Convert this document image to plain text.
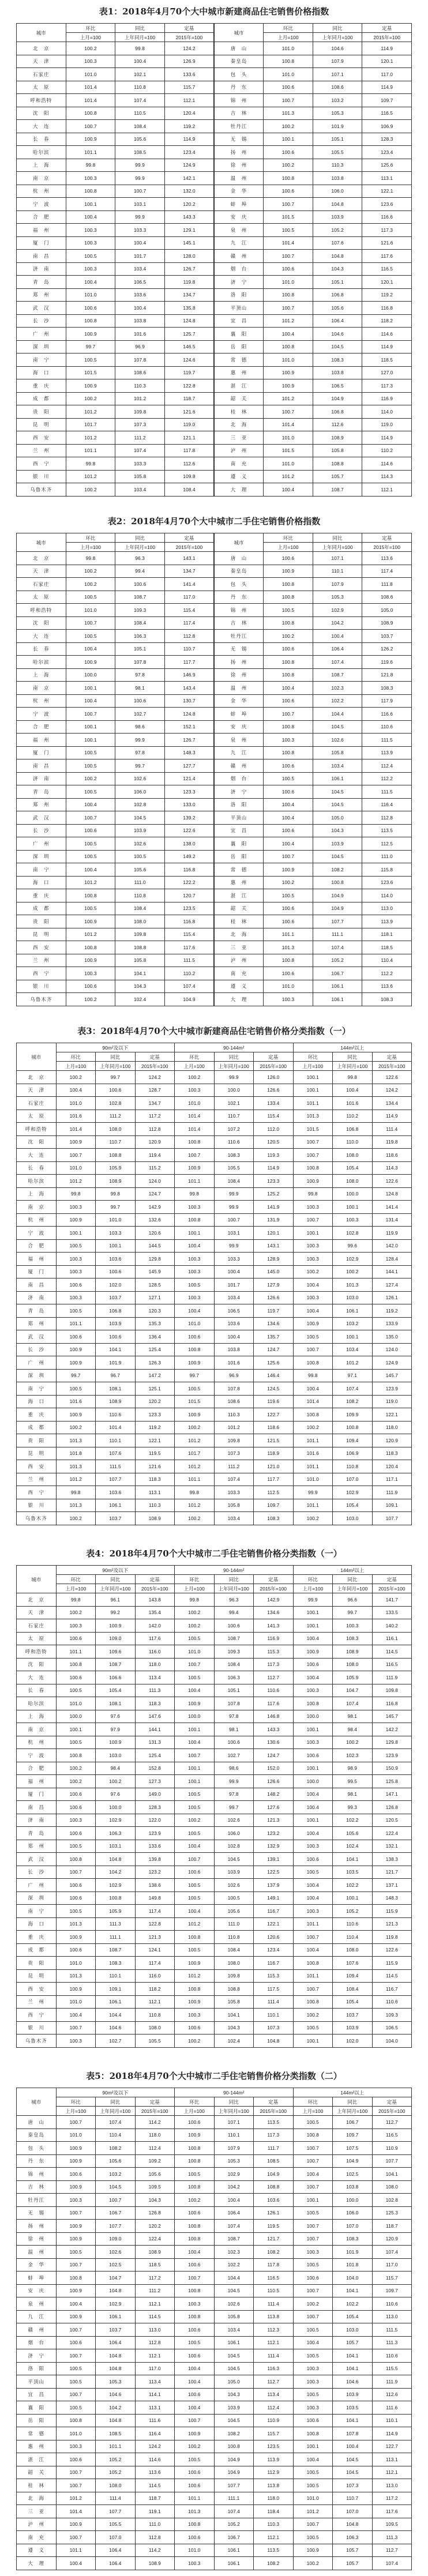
表1：2018年4月70个大中城市新建商品住宅销售价格指数
城市	环比	同比	定基	城市	环比	同比	定基
	上月=100	上年同月=100	2015年=100		上月=100	上年同月=100	2015年=100
北　京	100.2	99.8	124.2	唐　山	101.0	104.6	114.9
天　津	100.3	100.4	126.9	秦皇岛	100.8	107.9	120.1
石家庄	101.0	102.1	133.6	包　头	101.0	107.1	117.0
太　原	101.4	110.8	115.7	丹　东	100.6	108.6	114.9
呼和浩特	101.4	107.4	112.1	锦　州	100.7	103.2	109.7
沈　阳	100.8	110.5	120.4	吉　林	101.3	105.3	116.5
大　连	100.7	108.4	119.2	牡丹江	100.2	101.9	106.9
长　春	100.9	105.6	114.9	无　锡	100.1	105.1	128.3
哈尔滨	101.1	108.5	123.4	扬　州	100.6	105.5	123.4
上　海	99.8	99.9	124.9	徐　州	100.2	110.3	125.6
南　京	100.3	99.9	142.1	温　州	100.8	103.8	113.1
杭　州	100.8	100.7	132.0	金　华	100.6	106.0	122.1
宁　波	100.1	103.1	120.2	蚌　埠	100.7	104.8	123.6
合　肥	100.4	99.9	143.3	安　庆	101.5	103.9	116.6
福　州	100.3	103.3	129.1	泉　州	100.5	105.2	117.3
厦　门	100.3	100.4	145.1	九　江	101.4	107.6	121.6
南　昌	100.5	101.7	128.0	赣　州	100.7	104.8	117.6
济　南	100.3	103.4	126.7	烟　台	100.6	104.3	116.5
青　岛	100.4	106.5	119.8	济　宁	101.0	105.1	120.1
郑　州	101.0	103.6	134.7	洛　阳	100.8	106.8	119.2
武　汉	100.6	100.4	135.8	平顶山	100.7	105.6	116.8
长　沙	100.8	103.8	124.8	宜　昌	101.2	106.4	118.2
广　州	100.9	101.6	125.7	襄　阳	100.4	104.6	114.6
深　圳	99.7	96.9	146.5	岳　阳	100.8	104.5	114.9
南　宁	100.5	107.8	124.6	常　德	101.0	108.3	118.5
海　口	101.5	108.6	119.7	惠　州	100.9	103.8	127.0
重　庆	100.9	110.3	122.8	湛　江	100.9	106.5	117.3
成　都	100.2	101.2	118.7	韶　关	101.2	104.9	116.9
贵　阳	101.2	109.8	121.6	桂　林	100.7	106.8	114.0
昆　明	101.7	107.3	119.0	北　海	101.4	112.6	119.0
西　安	101.2	111.2	121.1	三　亚	101.0	108.9	114.9
兰　州	101.1	107.4	117.8	泸　州	101.5	105.8	110.2
西　宁	99.8	103.3	112.6	南　充	101.0	108.8	114.6
银　川	101.2	105.8	109.8	遵　义	101.2	105.7	114.3
乌鲁木齐	100.2	103.4	108.4	大　理	100.4	108.7	112.1
表2：2018年4月70个大中城市二手住宅销售价格指数
城市	环比	同比	定基	城市	环比	同比	定基
	上月=100	上年同月=100	2015年=100		上月=100	上年同月=100	2015年=100
北　京	99.8	96.3	143.1	唐　山	100.6	107.1	113.6
天　津	100.2	99.4	134.7	秦皇岛	100.9	110.1	117.4
石家庄	100.2	100.6	141.4	包　头	100.8	107.9	111.8
太　原	100.5	108.7	117.0	丹　东	100.8	105.3	108.6
呼和浩特	101.0	109.3	115.4	锦　州	100.5	102.9	105.0
沈　阳	100.7	108.4	117.4	吉　林	100.8	104.2	108.9
大　连	100.5	106.3	112.8	牡丹江	100.2	100.4	103.7
长　春	100.4	105.1	110.7	无　锡	100.6	106.4	126.2
哈尔滨	100.9	107.8	117.7	扬　州	100.8	107.4	119.6
上　海	100.0	97.8	146.9	徐　州	100.8	108.7	121.8
南　京	100.1	98.1	143.4	温　州	100.4	102.3	108.3
杭　州	100.4	100.6	130.7	金　华	100.6	102.2	117.9
宁　波	100.7	102.7	124.8	蚌　埠	100.7	104.4	116.6
合　肥	100.1	98.6	152.1	安　庆	100.8	104.5	110.6
福　州	100.1	99.9	126.7	泉　州	100.3	102.6	111.5
厦　门	100.5	97.8	148.3	九　江	100.8	105.8	113.9
南　昌	100.5	99.7	127.7	赣　州	100.6	103.4	112.4
济　南	100.2	102.6	121.4	烟　台	100.5	106.1	112.2
青　岛	100.5	106.0	123.3	济　宁	100.6	104.5	111.5
郑　州	100.4	102.8	133.0	洛　阳	100.4	104.5	116.4
武　汉	100.7	104.5	139.2	平顶山	100.4	105.0	112.8
长　沙	100.6	103.9	122.6	宜　昌	100.6	104.3	113.5
广　州	100.5	102.6	138.0	襄　阳	100.4	103.9	112.5
深　圳	100.5	100.5	149.2	岳　阳	100.7	104.5	111.0
南　宁	100.4	105.6	116.8	常　德	100.9	108.2	115.8
海　口	101.2	111.0	122.2	惠　州	100.2	100.8	123.6
重　庆	100.8	110.8	120.7	湛　江	100.5	104.9	114.0
成　都	100.5	108.4	123.5	韶　关	100.6	104.9	113.0
贵　阳	100.9	108.0	116.8	桂　林	100.6	107.7	113.9
昆　明	101.2	109.8	115.4	北　海	101.1	111.1	118.1
西　安	100.8	108.8	117.6	三　亚	101.3	107.4	118.5
兰　州	100.9	105.8	111.5	泸　州	100.8	105.2	110.4
西　宁	100.3	104.1	110.2	南　充	100.6	106.7	112.2
银　川	100.6	104.3	107.4	遵　义	101.0	106.1	113.6
乌鲁木齐	100.2	102.4	104.9	大　理	100.3	106.1	108.3
表3：2018年4月70个大中城市新建商品住宅销售价格分类指数（一）
城市	90m²及以下			90-144m²			144m²以上		
	环比	同比	定基	环比	同比	定基	环比	同比	定基
	上月=100	上年同月=100	2015年=100	上月=100	上年同月=100	2015年=100	上月=100	上年同月=100	2015年=100
北　京	100.2	99.7	124.2	100.2	99.9	126.0	100.1	99.8	122.6
天　津	100.4	100.6	128.7	100.3	100.0	126.6	100.1	100.4	124.2
石家庄	101.0	102.8	134.7	101.0	102.1	133.4	101.1	101.6	134.4
太　原	101.6	111.2	117.2	101.4	110.7	115.4	101.3	110.2	114.9
呼和浩特	101.4	108.0	112.8	101.4	107.2	112.0	101.5	106.8	111.4
沈　阳	100.9	110.7	120.9	100.8	110.6	120.5	100.7	110.0	119.8
大　连	100.7	108.8	119.4	100.7	108.3	119.3	100.7	108.0	118.6
长　春	101.0	105.9	115.2	100.9	105.5	114.9	100.8	105.4	114.3
哈尔滨	101.2	108.9	124.0	101.1	108.4	123.3	100.9	108.0	122.6
上　海	99.8	99.8	124.7	99.8	99.9	125.2	99.8	100.0	124.8
南　京	100.3	99.7	142.9	100.3	99.9	141.9	100.3	100.1	141.4
杭　州	100.9	101.0	132.6	100.8	100.7	131.9	100.7	100.3	131.4
宁　波	100.1	103.3	120.6	100.1	103.1	120.1	100.1	102.8	119.9
合　肥	100.5	100.1	144.5	100.4	99.9	143.1	100.3	99.6	142.0
福　州	100.3	103.6	129.8	100.3	103.3	128.9	100.3	102.9	128.4
厦　门	100.3	100.6	145.9	100.3	100.4	145.0	100.2	100.2	144.1
南　昌	100.6	102.0	128.5	100.5	101.7	127.9	100.4	101.3	127.4
济　南	100.3	103.7	127.1	100.3	103.4	126.6	100.3	103.0	126.1
青　岛	100.5	106.8	120.3	100.4	106.5	119.7	100.4	106.1	119.2
郑　州	101.1	103.9	135.3	101.0	103.6	134.6	100.9	103.2	133.9
武　汉	100.6	100.6	136.4	100.6	100.4	135.7	100.5	100.1	135.0
长　沙	100.9	104.1	125.4	100.8	103.8	124.7	100.7	103.4	124.0
广　州	100.9	101.9	126.3	100.9	101.6	125.6	100.8	101.2	124.9
深　圳	99.7	96.7	147.2	99.7	96.9	146.4	99.8	97.1	145.7
南　宁	100.5	108.1	125.1	100.5	107.8	124.5	100.4	107.4	123.9
海　口	101.6	108.9	120.2	101.5	108.6	119.6	101.4	108.2	119.0
重　庆	100.9	110.6	123.3	100.9	110.3	122.7	100.8	109.9	122.1
成　都	100.2	101.4	119.2	100.2	101.2	118.6	100.2	100.8	118.0
贵　阳	101.3	110.1	122.1	101.2	109.8	121.5	101.1	109.4	120.9
昆　明	101.8	107.6	119.5	101.7	107.3	118.9	101.6	106.9	118.3
西　安	101.3	111.5	121.6	101.2	111.2	121.0	101.1	110.8	120.4
兰　州	101.2	107.7	118.3	101.1	107.4	117.7	101.0	107.0	117.1
西　宁	99.8	103.6	113.1	99.8	103.3	112.5	99.9	102.9	111.9
银　川	101.3	106.1	110.3	101.2	105.8	109.7	101.1	105.4	109.1
乌鲁木齐	100.2	103.7	108.9	100.2	103.4	108.3	100.2	103.0	107.7
表4：2018年4月70个大中城市二手住宅销售价格分类指数（一）
城市	90m²及以下			90-144m²			144m²以上		
	环比	同比	定基	环比	同比	定基	环比	同比	定基
	上月=100	上年同月=100	2015年=100	上月=100	上年同月=100	2015年=100	上月=100	上年同月=100	2015年=100
北　京	99.8	96.1	143.8	99.8	96.3	142.9	99.9	96.6	141.7
天　津	100.2	99.2	135.4	100.2	99.4	134.6	100.1	99.7	133.5
石家庄	100.3	100.9	142.0	100.2	100.6	141.3	100.1	100.3	140.2
太　原	100.6	109.0	117.6	100.5	108.7	116.9	100.4	108.3	116.1
呼和浩特	101.1	109.6	116.0	101.0	109.3	115.3	100.9	108.9	114.5
沈　阳	100.8	108.7	118.0	100.7	108.4	117.3	100.6	108.0	116.5
大　连	100.6	106.6	113.4	100.5	106.3	112.7	100.4	105.9	111.9
长　春	100.5	105.4	111.3	100.4	105.1	110.6	100.3	104.7	109.8
哈尔滨	101.0	108.1	118.3	100.9	107.8	117.6	100.8	107.4	116.8
上　海	100.0	97.6	147.6	100.0	97.8	146.8	100.0	98.1	145.7
南　京	100.1	97.9	144.1	100.1	98.1	143.3	100.1	98.4	142.2
杭　州	100.5	100.9	131.3	100.4	100.6	130.6	100.3	100.2	129.8
宁　波	100.8	103.0	125.4	100.7	102.7	124.7	100.6	102.3	123.9
合　肥	100.2	98.4	152.8	100.1	98.6	152.0	100.1	98.9	150.9
福　州	100.2	100.2	127.3	100.1	99.9	126.6	100.0	99.5	125.8
厦　门	100.6	97.6	149.0	100.5	97.8	148.2	100.4	98.1	147.1
南　昌	100.6	100.0	128.3	100.5	99.7	127.6	100.4	99.3	126.8
济　南	100.3	102.9	122.0	100.2	102.6	121.3	100.1	102.2	120.5
青　岛	100.6	106.3	123.9	100.5	106.0	123.2	100.4	105.6	122.4
郑　州	100.5	103.1	133.6	100.4	102.8	132.9	100.3	102.4	132.1
武　汉	100.8	104.8	139.8	100.7	104.5	139.1	100.6	104.1	138.3
长　沙	100.7	104.2	123.2	100.6	103.9	122.5	100.5	103.5	121.7
广　州	100.6	102.9	138.6	100.5	102.6	137.9	100.4	102.2	137.1
深　圳	100.6	100.8	149.8	100.5	100.5	149.1	100.4	100.1	148.3
南　宁	100.5	105.9	117.4	100.4	105.6	116.7	100.3	105.2	115.9
海　口	101.3	111.3	122.8	101.2	111.0	122.1	101.1	110.6	121.3
重　庆	100.9	111.1	121.3	100.8	110.8	120.6	100.7	110.4	119.8
成　都	100.6	108.7	124.1	100.5	108.4	123.4	100.4	108.0	122.6
贵　阳	101.0	108.3	117.4	100.9	108.0	116.7	100.8	107.6	115.9
昆　明	101.3	110.1	116.0	101.2	109.8	115.3	101.1	109.4	114.5
西　安	100.9	109.1	118.2	100.8	108.8	117.5	100.7	108.4	116.7
兰　州	101.0	106.1	112.1	100.9	105.8	111.4	100.8	105.4	110.6
西　宁	100.4	104.4	110.8	100.3	104.1	110.1	100.2	103.7	109.3
银　川	100.7	104.6	108.0	100.6	104.3	107.3	100.5	103.9	106.5
乌鲁木齐	100.3	102.7	105.5	100.2	102.4	104.8	100.1	102.0	104.0
表5：2018年4月70个大中城市二手住宅销售价格分类指数（二）
城市	90m²及以下			90-144m²			144m²以上		
	环比	同比	定基	环比	同比	定基	环比	同比	定基
	上月=100	上年同月=100	2015年=100	上月=100	上年同月=100	2015年=100	上月=100	上年同月=100	2015年=100
唐　山	100.7	107.4	114.2	100.6	107.1	113.5	100.5	106.7	112.7
秦皇岛	101.0	110.4	118.0	100.9	110.1	117.3	100.8	109.7	116.5
包　头	100.9	108.2	112.4	100.8	107.9	111.7	100.7	107.5	110.9
丹　东	100.9	105.6	109.2	100.8	105.3	108.5	100.7	104.9	107.7
锦　州	100.6	103.2	105.6	100.5	102.9	104.9	100.4	102.5	104.1
吉　林	100.9	104.5	109.5	100.8	104.2	108.8	100.7	103.8	108.0
牡丹江	100.3	100.7	104.3	100.2	100.4	103.6	100.1	100.0	102.8
无　锡	100.7	106.7	126.8	100.6	106.4	126.1	100.5	106.0	125.3
扬　州	100.9	107.7	120.2	100.8	107.4	119.5	100.7	107.0	118.7
徐　州	100.9	109.0	122.4	100.8	108.7	121.7	100.7	108.3	120.9
温　州	100.5	102.6	108.9	100.4	102.3	108.2	100.3	101.9	107.4
金　华	100.7	102.5	118.5	100.6	102.2	117.8	100.5	101.8	117.0
蚌　埠	100.8	104.7	117.2	100.7	104.4	116.5	100.6	104.0	115.7
安　庆	100.9	104.8	111.2	100.8	104.5	110.5	100.7	104.1	109.7
泉　州	100.4	102.9	112.1	100.3	102.6	111.4	100.2	102.2	110.6
九　江	100.9	106.1	114.5	100.8	105.8	113.8	100.7	105.4	113.0
赣　州	100.7	103.7	113.0	100.6	103.4	112.3	100.5	103.0	111.5
烟　台	100.6	106.4	112.8	100.5	106.1	112.1	100.4	105.7	111.3
济　宁	100.7	104.8	112.1	100.6	104.5	111.4	100.5	104.1	110.6
洛　阳	100.5	104.8	117.0	100.4	104.5	116.3	100.3	104.1	115.5
平顶山	100.5	105.3	113.4	100.4	105.0	112.7	100.3	104.6	111.9
宜　昌	100.7	104.6	114.1	100.6	104.3	113.4	100.5	103.9	112.6
襄　阳	100.5	104.2	113.1	100.4	103.9	112.4	100.3	103.5	111.6
岳　阳	100.8	104.8	111.6	100.7	104.5	110.9	100.6	104.1	110.1
常　德	101.0	108.5	116.4	100.9	108.2	115.7	100.8	107.8	114.9
惠　州	100.3	101.1	124.2	100.2	100.8	123.5	100.1	100.4	122.7
湛　江	100.6	105.2	114.6	100.5	104.9	113.9	100.4	104.5	113.1
韶　关	100.7	105.2	113.6	100.6	104.9	112.9	100.5	104.5	112.1
桂　林	100.7	108.0	114.5	100.6	107.7	113.8	100.5	107.3	113.0
北　海	101.2	111.4	118.7	101.1	111.1	118.0	101.0	110.7	117.2
三　亚	101.4	107.7	119.1	101.3	107.4	118.4	101.2	107.0	117.6
泸　州	100.9	105.5	111.0	100.8	105.2	110.3	100.7	104.8	109.5
南　充	100.7	107.0	112.8	100.6	106.7	112.1	100.5	106.3	111.3
遵　义	101.1	106.4	114.2	101.0	106.1	113.5	100.9	105.7	112.7
大　理	100.4	106.4	108.9	100.3	106.1	108.2	100.2	105.7	107.4
